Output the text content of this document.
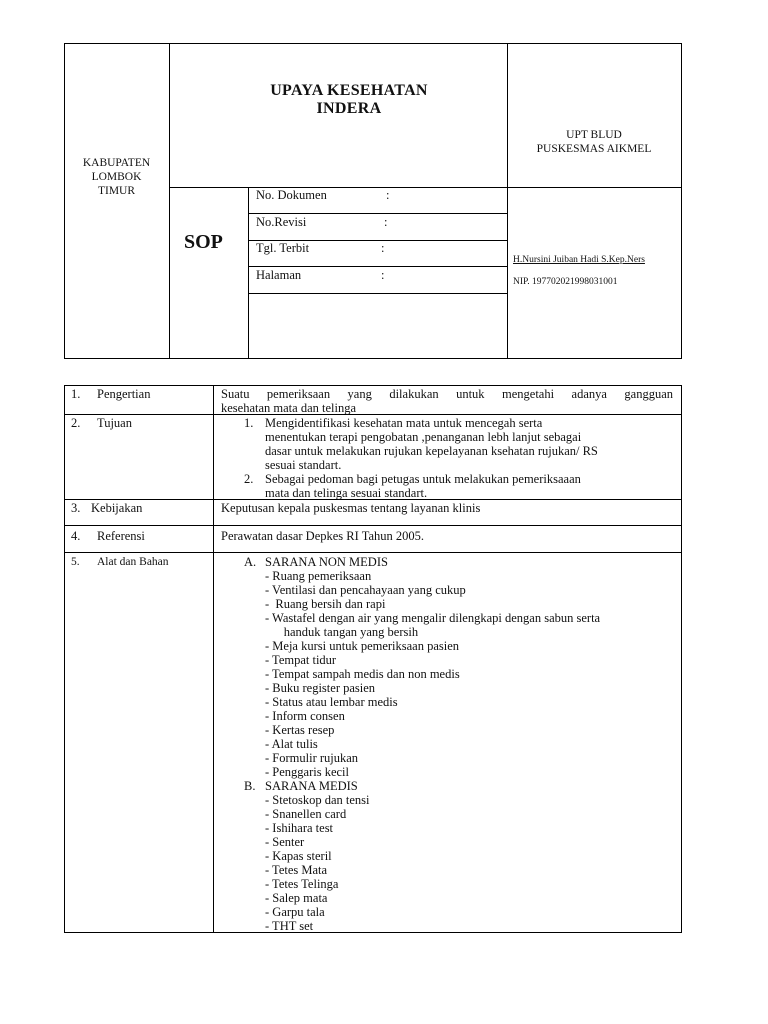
KABUPATEN
LOMBOK
TIMUR
UPAYA KESEHATAN
INDERA
UPT BLUD
PUSKESMAS AIKMEL
SOP
No. Dokumen	:
No.Revisi	:
Tgl. Terbit	:
Halaman	:
H.Nursini Juiban Hadi S.Kep.Ners
NIP. 197702021998031001
1. Pengertian	Suatu pemeriksaan yang dilakukan untuk mengetahi adanya gangguan
kesehatan mata dan telinga
2. Tujuan	1. Mengidentifikasi kesehatan mata untuk mencegah serta
menentukan terapi pengobatan ,penanganan lebh lanjut sebagai
dasar untuk melakukan rujukan kepelayanan ksehatan rujukan/ RS
sesuai standart.
2. Sebagai pedoman bagi petugas untuk melakukan pemeriksaaan
mata dan telinga sesuai standart.
3. Kebijakan	Keputusan kepala puskesmas tentang layanan klinis
4. Referensi	Perawatan dasar Depkes RI Tahun 2005.
5. Alat dan Bahan	A. SARANA NON MEDIS
- Ruang pemeriksaan
- Ventilasi dan pencahayaan yang cukup
-  Ruang bersih dan rapi
- Wastafel dengan air yang mengalir dilengkapi dengan sabun serta
handuk tangan yang bersih
- Meja kursi untuk pemeriksaan pasien
- Tempat tidur
- Tempat sampah medis dan non medis
- Buku register pasien
- Status atau lembar medis
- Inform consen
- Kertas resep
- Alat tulis
- Formulir rujukan
- Penggaris kecil
B. SARANA MEDIS
- Stetoskop dan tensi
- Snanellen card
- Ishihara test
- Senter
- Kapas steril
- Tetes Mata
- Tetes Telinga
- Salep mata
- Garpu tala
- THT set
